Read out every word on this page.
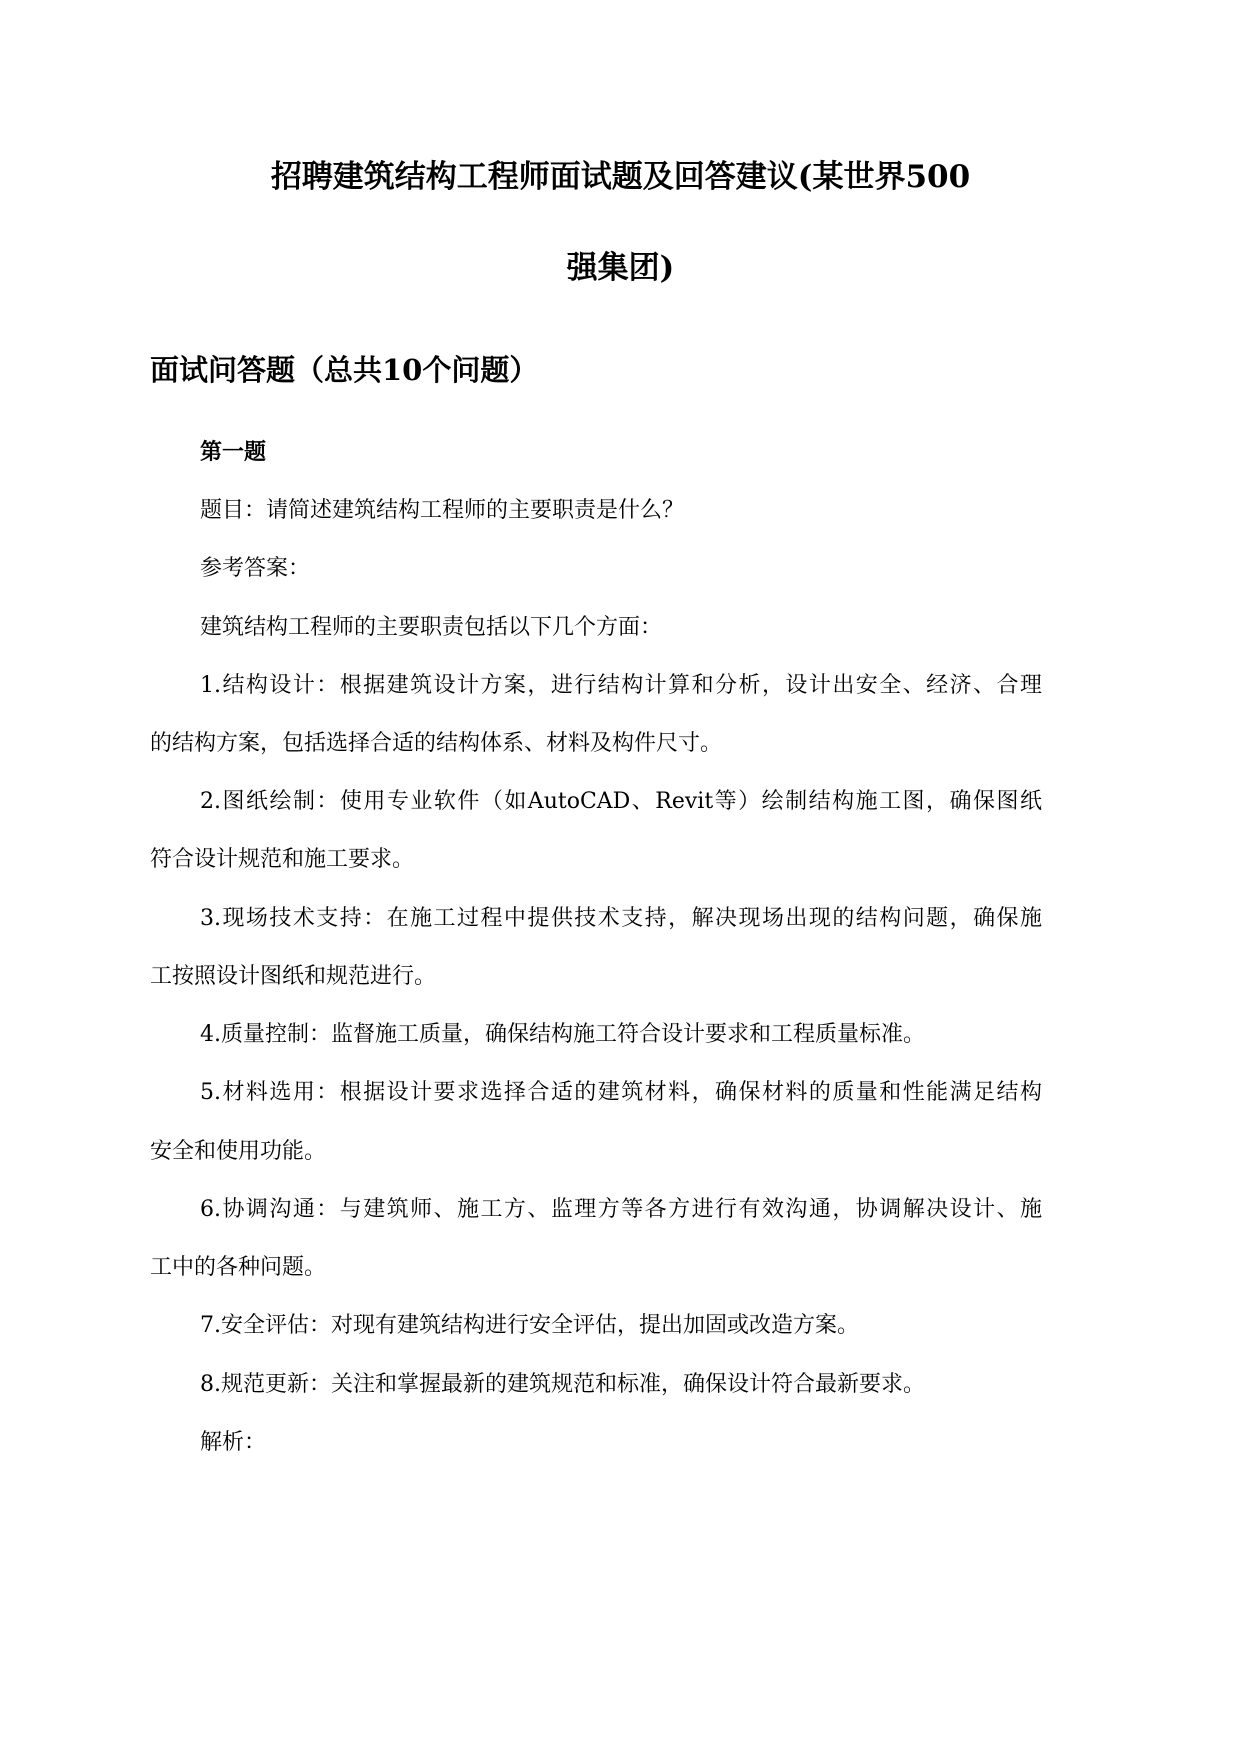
招聘建筑结构工程师面试题及回答建议(某世界500
强集团)
面试问答题（总共10个问题）
第一题

题目：请简述建筑结构工程师的主要职责是什么？

参考答案：

建筑结构工程师的主要职责包括以下几个方面：

1.结构设计：根据建筑设计方案，进行结构计算和分析，设计出安全、经济、合理

的结构方案，包括选择合适的结构体系、材料及构件尺寸。

2.图纸绘制：使用专业软件（如AutoCAD、Revit等）绘制结构施工图，确保图纸

符合设计规范和施工要求。

3.现场技术支持：在施工过程中提供技术支持，解决现场出现的结构问题，确保施

工按照设计图纸和规范进行。

4.质量控制：监督施工质量，确保结构施工符合设计要求和工程质量标准。

5.材料选用：根据设计要求选择合适的建筑材料，确保材料的质量和性能满足结构

安全和使用功能。

6.协调沟通：与建筑师、施工方、监理方等各方进行有效沟通，协调解决设计、施

工中的各种问题。

7.安全评估：对现有建筑结构进行安全评估，提出加固或改造方案。

8.规范更新：关注和掌握最新的建筑规范和标准，确保设计符合最新要求。

解析：
